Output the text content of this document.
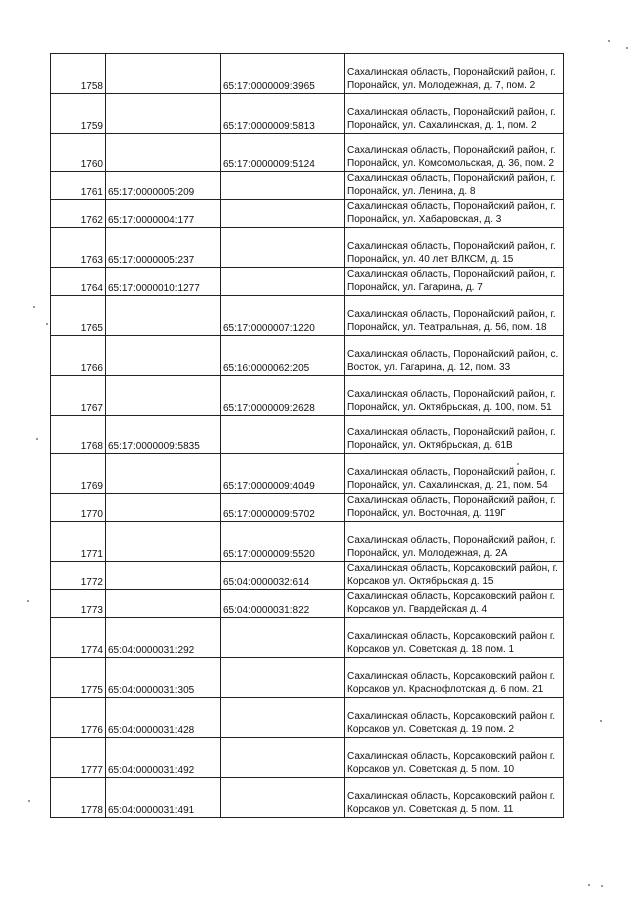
1758		65:17:0000009:3965	Сахалинская область, Поронайский район, г.
Поронайск, ул. Молодежная, д. 7, пом. 2

1759		65:17:0000009:5813	Сахалинская область, Поронайский район, г.
Поронайск, ул. Сахалинская, д. 1, пом. 2

1760		65:17:0000009:5124	Сахалинская область, Поронайский район, г.
Поронайск, ул. Комсомольская, д. 36, пом. 2

1761	65:17:0000005:209		Сахалинская область, Поронайский район, г.
Поронайск, ул. Ленина, д. 8

1762	65:17:0000004:177		Сахалинская область, Поронайский район, г.
Поронайск, ул. Хабаровская, д. 3

1763	65:17:0000005:237		Сахалинская область, Поронайский район, г.
Поронайск, ул. 40 лет ВЛКСМ, д. 15

1764	65:17:0000010:1277		Сахалинская область, Поронайский район, г.
Поронайск, ул. Гагарина, д. 7

1765		65:17:0000007:1220	Сахалинская область, Поронайский район, г.
Поронайск, ул. Театральная, д. 56, пом. 18

1766		65:16:0000062:205	Сахалинская область, Поронайский район, с.
Восток, ул. Гагарина, д. 12, пом. 33

1767		65:17:0000009:2628	Сахалинская область, Поронайский район, г.
Поронайск, ул. Октябрьская, д. 100, пом. 51

1768	65:17:0000009:5835		Сахалинская область, Поронайский район, г.
Поронайск, ул. Октябрьская, д. 61В

1769		65:17:0000009:4049	Сахалинская область, Поронайский район, г.
Поронайск, ул. Сахалинская, д. 21, пом. 54

1770		65:17:0000009:5702	Сахалинская область, Поронайский район, г.
Поронайск, ул. Восточная, д. 119Г

1771		65:17:0000009:5520	Сахалинская область, Поронайский район, г.
Поронайск, ул. Молодежная, д. 2А

1772		65:04:0000032:614	Сахалинская область, Корсаковский район, г.
Корсаков ул. Октябрьская д. 15

1773		65:04:0000031:822	Сахалинская область, Корсаковский район г.
Корсаков ул. Гвардейская д. 4

1774	65:04:0000031:292		Сахалинская область, Корсаковский район г.
Корсаков ул. Советская д. 18 пом. 1

1775	65:04:0000031:305		Сахалинская область, Корсаковский район г.
Корсаков ул. Краснофлотская д. 6 пом. 21

1776	65:04:0000031:428		Сахалинская область, Корсаковский район г.
Корсаков ул. Советская д. 19 пом. 2

1777	65:04:0000031:492		Сахалинская область, Корсаковский район г.
Корсаков ул. Советская д. 5 пом. 10

1778	65:04:0000031:491		Сахалинская область, Корсаковский район г.
Корсаков ул. Советская д. 5 пом. 11
